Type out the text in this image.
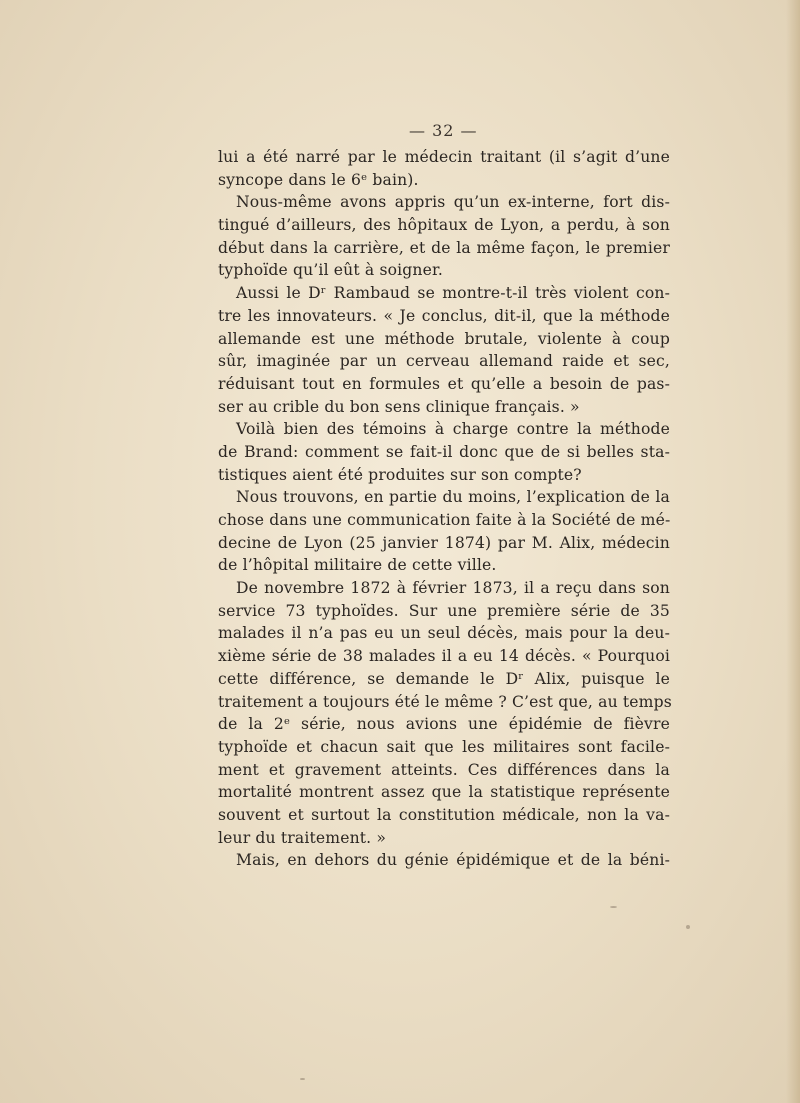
— 32 —
lui a été narré par le médecin traitant (il s’agit d’une
syncope dans le 6ᵉ bain).
Nous-même avons appris qu’un ex-interne, fort dis-
tingué d’ailleurs, des hôpitaux de Lyon, a perdu, à son
début dans la carrière, et de la même façon, le premier
typhoïde qu’il eût à soigner.
Aussi le Dʳ Rambaud se montre-t-il très violent con-
tre les innovateurs. « Je conclus, dit-il, que la méthode
allemande est une méthode brutale, violente à coup
sûr, imaginée par un cerveau allemand raide et sec,
réduisant tout en formules et qu’elle a besoin de pas-
ser au crible du bon sens clinique français. »
Voilà bien des témoins à charge contre la méthode
de Brand: comment se fait-il donc que de si belles sta-
tistiques aient été produites sur son compte?
Nous trouvons, en partie du moins, l’explication de la
chose dans une communication faite à la Société de mé-
decine de Lyon (25 janvier 1874) par M. Alix, médecin
de l’hôpital militaire de cette ville.
De novembre 1872 à février 1873, il a reçu dans son
service 73 typhoïdes. Sur une première série de 35
malades il n’a pas eu un seul décès, mais pour la deu-
xième série de 38 malades il a eu 14 décès. « Pourquoi
cette différence, se demande le Dʳ Alix, puisque le
traitement a toujours été le même ? C’est que, au temps
de la 2ᵉ série, nous avions une épidémie de fièvre
typhoïde et chacun sait que les militaires sont facile-
ment et gravement atteints. Ces différences dans la
mortalité montrent assez que la statistique représente
souvent et surtout la constitution médicale, non la va-
leur du traitement. »
Mais, en dehors du génie épidémique et de la béni-
